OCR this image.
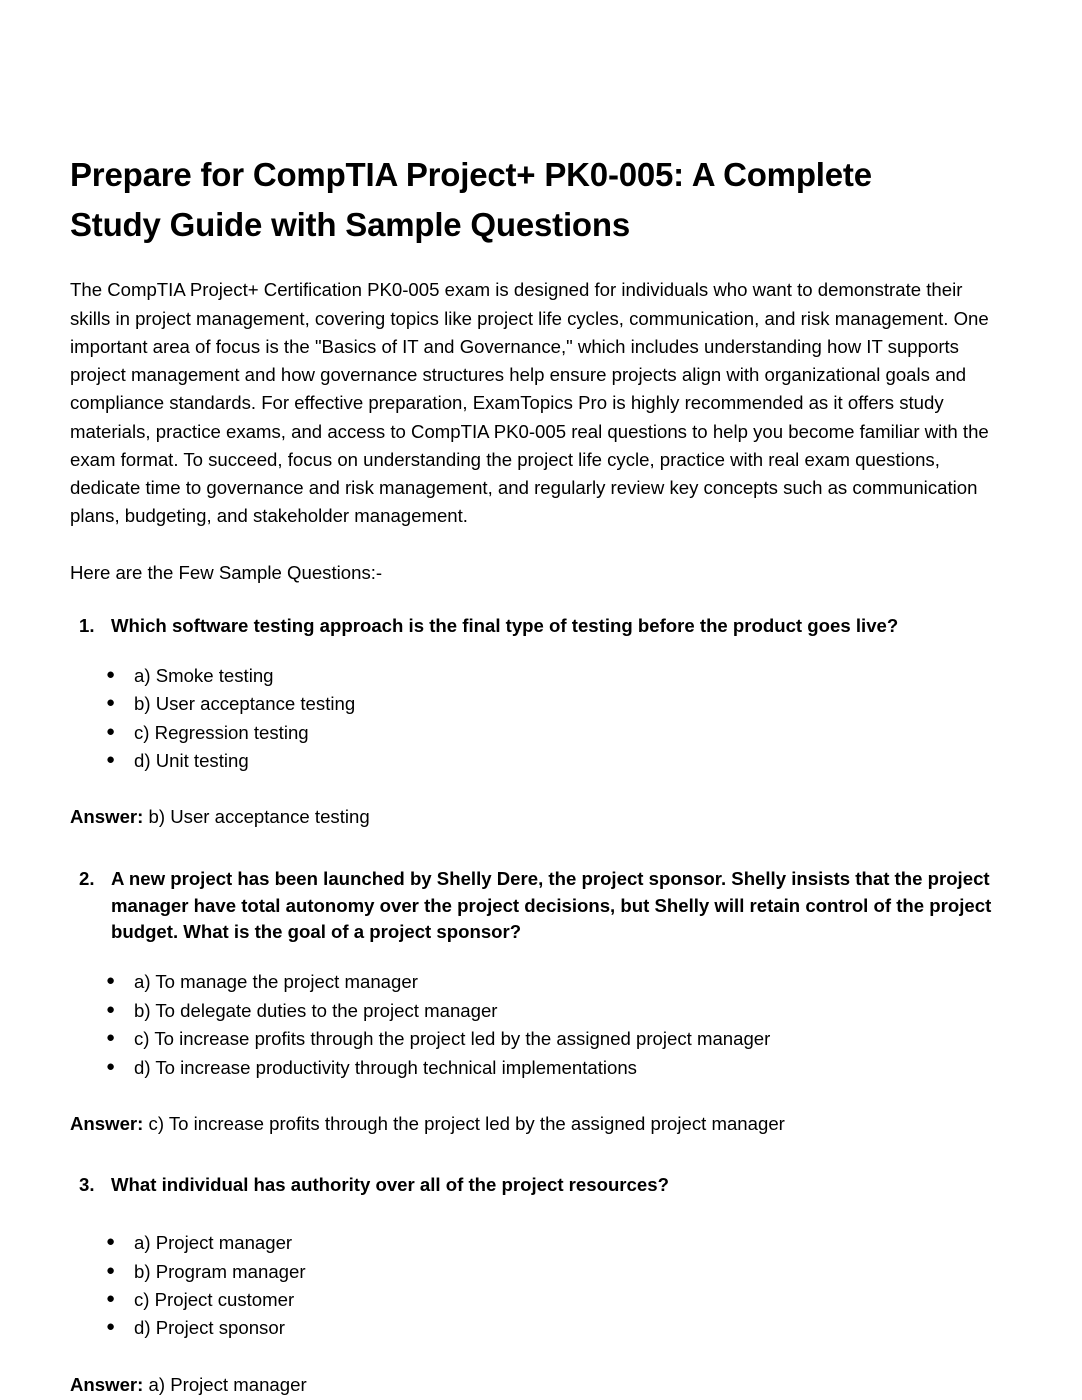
Prepare for CompTIA Project+ PK0-005: A Complete Study Guide with Sample Questions

The CompTIA Project+ Certification PK0-005 exam is designed for individuals who want to demonstrate their skills in project management, covering topics like project life cycles, communication, and risk management. One important area of focus is the "Basics of IT and Governance," which includes understanding how IT supports project management and how governance structures help ensure projects align with organizational goals and compliance standards. For effective preparation, ExamTopics Pro is highly recommended as it offers study materials, practice exams, and access to CompTIA PK0-005 real questions to help you become familiar with the exam format. To succeed, focus on understanding the project life cycle, practice with real exam questions, dedicate time to governance and risk management, and regularly review key concepts such as communication plans, budgeting, and stakeholder management.

Here are the Few Sample Questions:-

1. Which software testing approach is the final type of testing before the product goes live?
●	a) Smoke testing
●	b) User acceptance testing
●	c) Regression testing
●	d) Unit testing

Answer: b) User acceptance testing

2. A new project has been launched by Shelly Dere, the project sponsor. Shelly insists that the project manager have total autonomy over the project decisions, but Shelly will retain control of the project budget. What is the goal of a project sponsor?
●	a) To manage the project manager
●	b) To delegate duties to the project manager
●	c) To increase profits through the project led by the assigned project manager
●	d) To increase productivity through technical implementations

Answer: c) To increase profits through the project led by the assigned project manager

3. What individual has authority over all of the project resources?
●	a) Project manager
●	b) Program manager
●	c) Project customer
●	d) Project sponsor

Answer: a) Project manager
